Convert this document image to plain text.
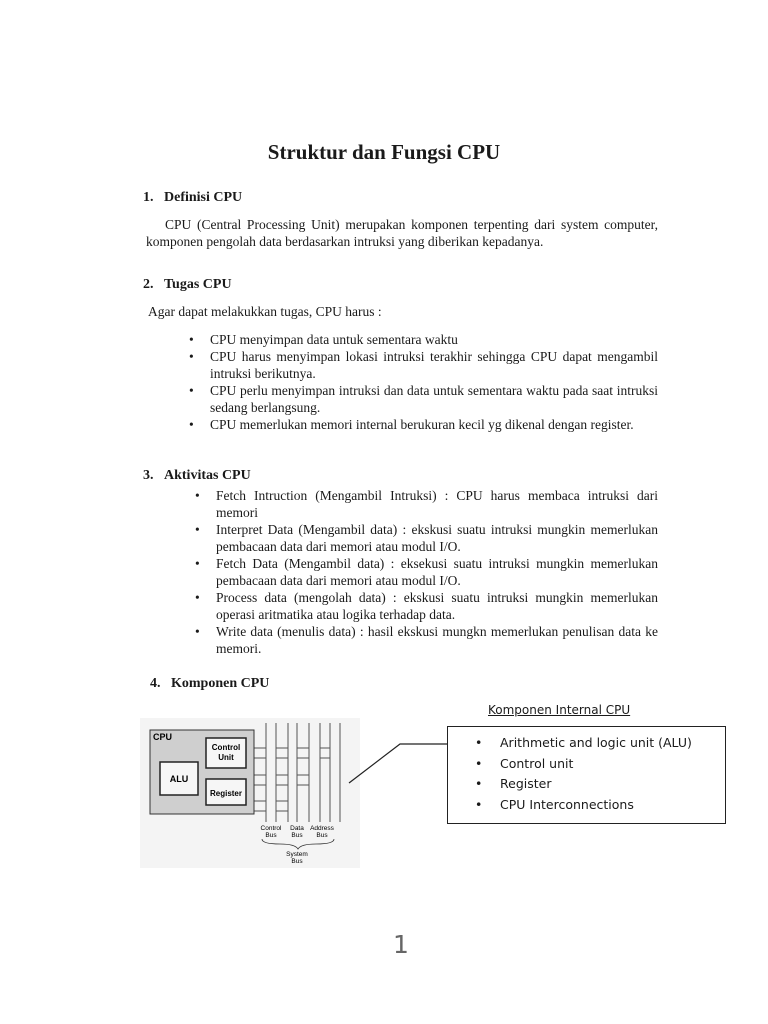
Struktur dan Fungsi CPU
1.   Definisi CPU
CPU (Central Processing Unit) merupakan komponen terpenting dari system computer, komponen pengolah data berdasarkan intruksi yang diberikan kepadanya.
2.   Tugas CPU
Agar dapat melakukkan tugas, CPU harus :
• CPU menyimpan data untuk sementara waktu
• CPU harus menyimpan lokasi intruksi terakhir sehingga CPU dapat mengambil intruksi berikutnya.
• CPU perlu menyimpan intruksi dan data untuk sementara waktu pada saat intruksi sedang berlangsung.
• CPU memerlukan memori internal berukuran kecil yg dikenal dengan register.
3.   Aktivitas CPU
• Fetch Intruction (Mengambil Intruksi) : CPU harus membaca intruksi dari memori
• Interpret Data (Mengambil data) : ekskusi suatu intruksi mungkin memerlukan pembacaan data dari memori atau modul I/O.
• Fetch Data (Mengambil data) : eksekusi suatu intruksi mungkin memerlukan pembacaan data dari memori atau modul I/O.
• Process data (mengolah data) : ekskusi suatu intruksi mungkin memerlukan operasi aritmatika atau logika terhadap data.
• Write data (menulis data) : hasil ekskusi mungkn memerlukan penulisan data ke memori.
4.   Komponen CPU
CPU
Control
Unit
ALU
Register
Control
Bus
Data
Bus
Address
Bus
System
Bus
Komponen Internal CPU
• Arithmetic and logic unit (ALU)
• Control unit
• Register
• CPU Interconnections
1
